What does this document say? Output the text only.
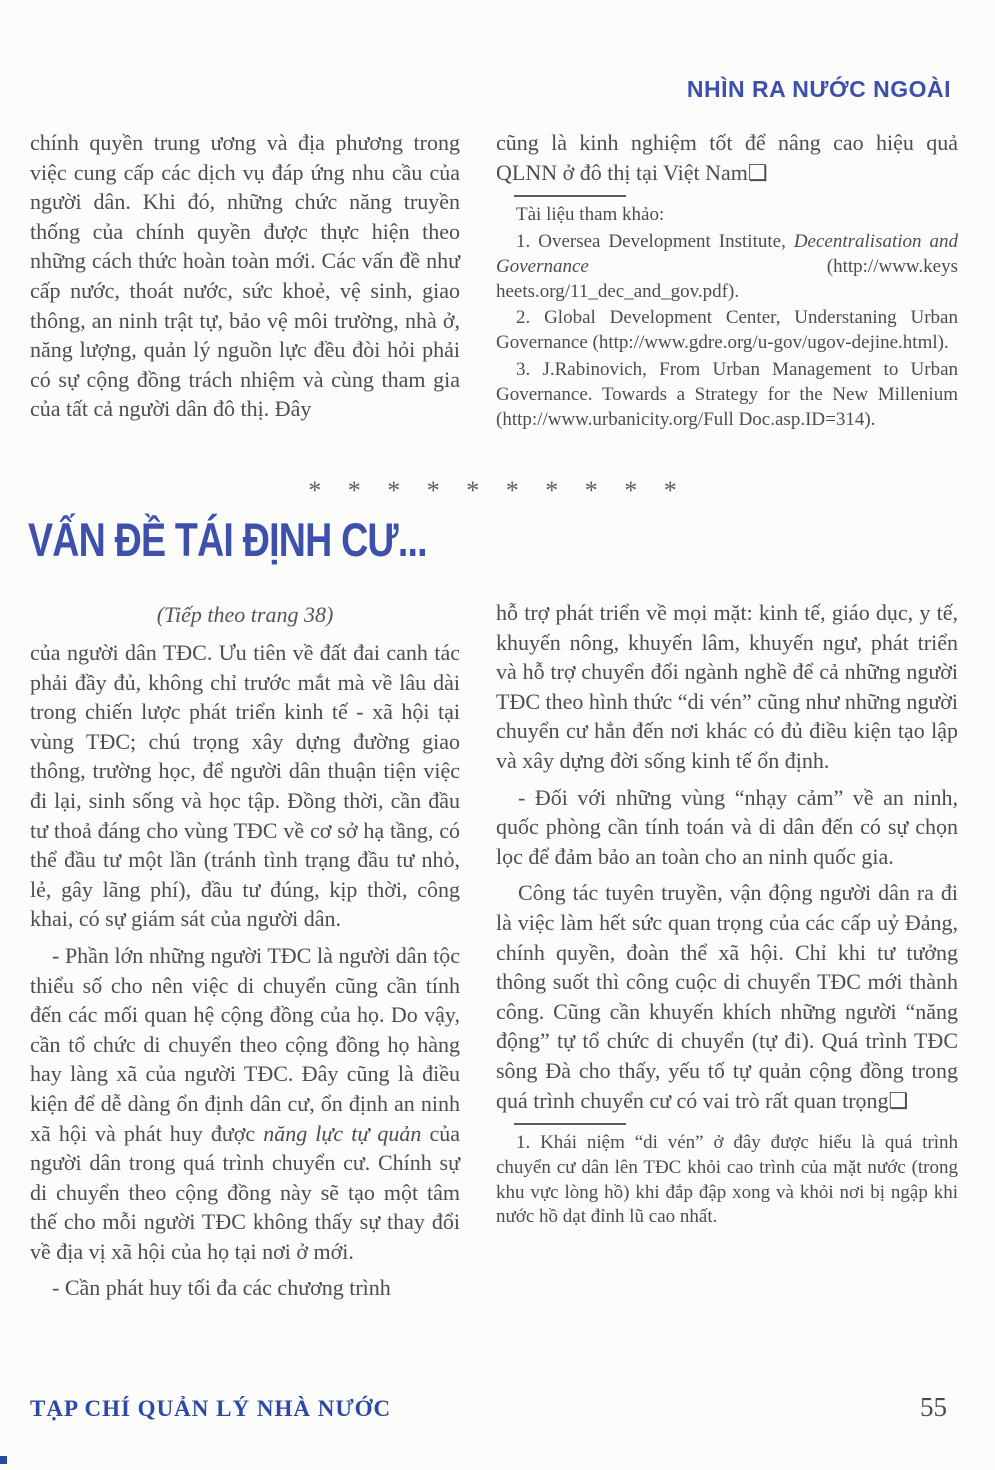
NHÌN RA NƯỚC NGOÀI

chính quyền trung ương và địa phương trong việc cung cấp các dịch vụ đáp ứng nhu cầu của người dân. Khi đó, những chức năng truyền thống của chính quyền được thực hiện theo những cách thức hoàn toàn mới. Các vấn đề như cấp nước, thoát nước, sức khoẻ, vệ sinh, giao thông, an ninh trật tự, bảo vệ môi trường, nhà ở, năng lượng, quản lý nguồn lực đều đòi hỏi phải có sự cộng đồng trách nhiệm và cùng tham gia của tất cả người dân đô thị. Đây

cũng là kinh nghiệm tốt để nâng cao hiệu quả QLNN ở đô thị tại Việt Nam❑

Tài liệu tham khảo:

1. Oversea Development Institute, Decentralisation and Governance (http://www.keys heets.org/11_dec_and_gov.pdf).

2. Global Development Center, Understaning Urban Governance (http://www.gdre.org/u-gov/ugov-dejine.html).

3. J.Rabinovich, From Urban Management to Urban Governance. Towards a Strategy for the New Millenium (http://www.urbanicity.org/Full Doc.asp.ID=314).

* * * * * * * * * *
VẤN ĐỀ TÁI ĐỊNH CƯ...

(Tiếp theo trang 38)

của người dân TĐC. Ưu tiên về đất đai canh tác phải đầy đủ, không chỉ trước mắt mà về lâu dài trong chiến lược phát triển kinh tế - xã hội tại vùng TĐC; chú trọng xây dựng đường giao thông, trường học, để người dân thuận tiện việc đi lại, sinh sống và học tập. Đồng thời, cần đầu tư thoả đáng cho vùng TĐC về cơ sở hạ tầng, có thể đầu tư một lần (tránh tình trạng đầu tư nhỏ, lẻ, gây lãng phí), đầu tư đúng, kịp thời, công khai, có sự giám sát của người dân.

- Phần lớn những người TĐC là người dân tộc thiểu số cho nên việc di chuyển cũng cần tính đến các mối quan hệ cộng đồng của họ. Do vậy, cần tổ chức di chuyển theo cộng đồng họ hàng hay làng xã của người TĐC. Đây cũng là điều kiện để dễ dàng ổn định dân cư, ổn định an ninh xã hội và phát huy được năng lực tự quản của người dân trong quá trình chuyển cư. Chính sự di chuyển theo cộng đồng này sẽ tạo một tâm thế cho mỗi người TĐC không thấy sự thay đổi về địa vị xã hội của họ tại nơi ở mới.

- Cần phát huy tối đa các chương trình

hỗ trợ phát triển về mọi mặt: kinh tế, giáo dục, y tế, khuyến nông, khuyến lâm, khuyến ngư, phát triển và hỗ trợ chuyển đổi ngành nghề để cả những người TĐC theo hình thức “di vén” cũng như những người chuyển cư hẳn đến nơi khác có đủ điều kiện tạo lập và xây dựng đời sống kinh tế ổn định.

- Đối với những vùng “nhạy cảm” về an ninh, quốc phòng cần tính toán và di dân đến có sự chọn lọc để đảm bảo an toàn cho an ninh quốc gia.

Công tác tuyên truyền, vận động người dân ra đi là việc làm hết sức quan trọng của các cấp uỷ Đảng, chính quyền, đoàn thể xã hội. Chỉ khi tư tưởng thông suốt thì công cuộc di chuyển TĐC mới thành công. Cũng cần khuyến khích những người “năng động” tự tổ chức di chuyển (tự đi). Quá trình TĐC sông Đà cho thấy, yếu tố tự quản cộng đồng trong quá trình chuyển cư có vai trò rất quan trọng❑

1. Khái niệm “di vén” ở đây được hiểu là quá trình chuyển cư dân lên TĐC khỏi cao trình của mặt nước (trong khu vực lòng hồ) khi đắp đập xong và khỏi nơi bị ngập khi nước hồ dạt đỉnh lũ cao nhất.

TẠP CHÍ QUẢN LÝ NHÀ NƯỚC	55
